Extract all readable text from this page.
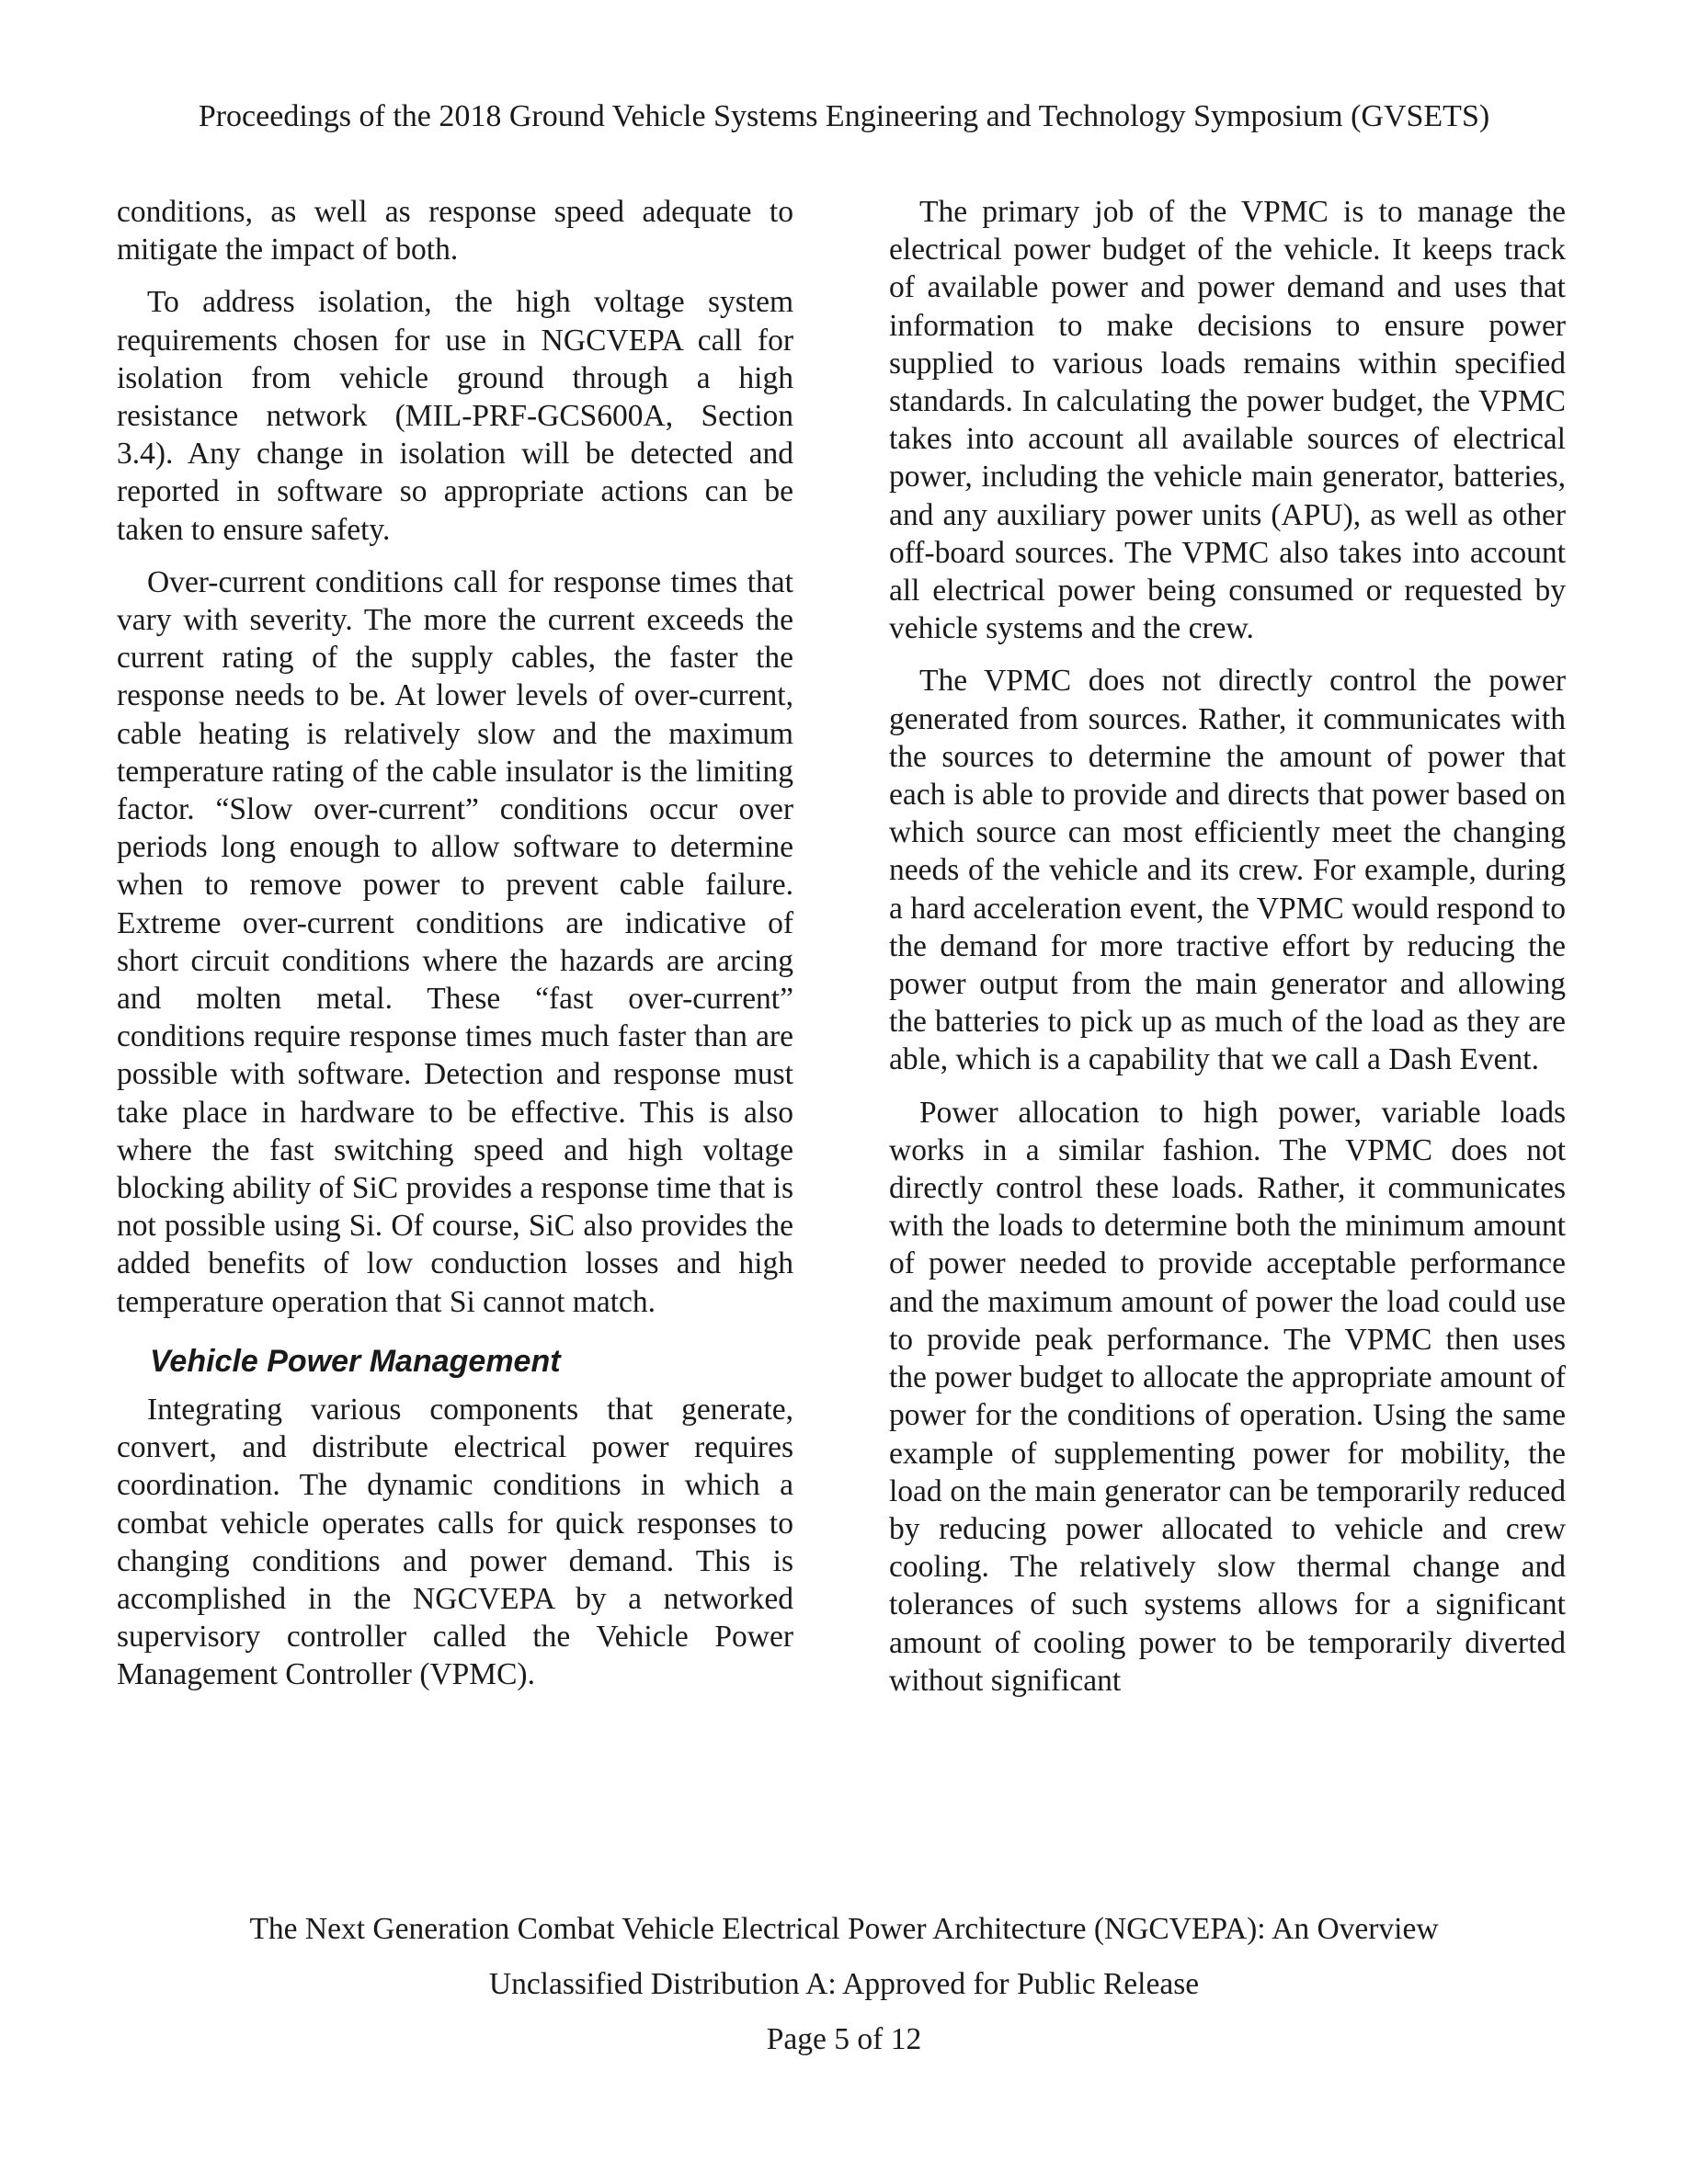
Proceedings of the 2018 Ground Vehicle Systems Engineering and Technology Symposium (GVSETS)

conditions, as well as response speed adequate to mitigate the impact of both.

To address isolation, the high voltage system requirements chosen for use in NGCVEPA call for isolation from vehicle ground through a high resistance network (MIL-PRF-GCS600A, Section 3.4). Any change in isolation will be detected and reported in software so appropriate actions can be taken to ensure safety.

Over-current conditions call for response times that vary with severity. The more the current exceeds the current rating of the supply cables, the faster the response needs to be. At lower levels of over-current, cable heating is relatively slow and the maximum temperature rating of the cable insulator is the limiting factor. “Slow over-current” conditions occur over periods long enough to allow software to determine when to remove power to prevent cable failure. Extreme over-current conditions are indicative of short circuit conditions where the hazards are arcing and molten metal. These “fast over-current” conditions require response times much faster than are possible with software. Detection and response must take place in hardware to be effective. This is also where the fast switching speed and high voltage blocking ability of SiC provides a response time that is not possible using Si. Of course, SiC also provides the added benefits of low conduction losses and high temperature operation that Si cannot match.

Vehicle Power Management

Integrating various components that generate, convert, and distribute electrical power requires coordination. The dynamic conditions in which a combat vehicle operates calls for quick responses to changing conditions and power demand. This is accomplished in the NGCVEPA by a networked supervisory controller called the Vehicle Power Management Controller (VPMC).

The primary job of the VPMC is to manage the electrical power budget of the vehicle. It keeps track of available power and power demand and uses that information to make decisions to ensure power supplied to various loads remains within specified standards. In calculating the power budget, the VPMC takes into account all available sources of electrical power, including the vehicle main generator, batteries, and any auxiliary power units (APU), as well as other off-board sources. The VPMC also takes into account all electrical power being consumed or requested by vehicle systems and the crew.

The VPMC does not directly control the power generated from sources. Rather, it communicates with the sources to determine the amount of power that each is able to provide and directs that power based on which source can most efficiently meet the changing needs of the vehicle and its crew. For example, during a hard acceleration event, the VPMC would respond to the demand for more tractive effort by reducing the power output from the main generator and allowing the batteries to pick up as much of the load as they are able, which is a capability that we call a Dash Event.

Power allocation to high power, variable loads works in a similar fashion. The VPMC does not directly control these loads. Rather, it communicates with the loads to determine both the minimum amount of power needed to provide acceptable performance and the maximum amount of power the load could use to provide peak performance. The VPMC then uses the power budget to allocate the appropriate amount of power for the conditions of operation. Using the same example of supplementing power for mobility, the load on the main generator can be temporarily reduced by reducing power allocated to vehicle and crew cooling. The relatively slow thermal change and tolerances of such systems allows for a significant amount of cooling power to be temporarily diverted without significant

The Next Generation Combat Vehicle Electrical Power Architecture (NGCVEPA): An Overview

Unclassified Distribution A: Approved for Public Release

Page 5 of 12
